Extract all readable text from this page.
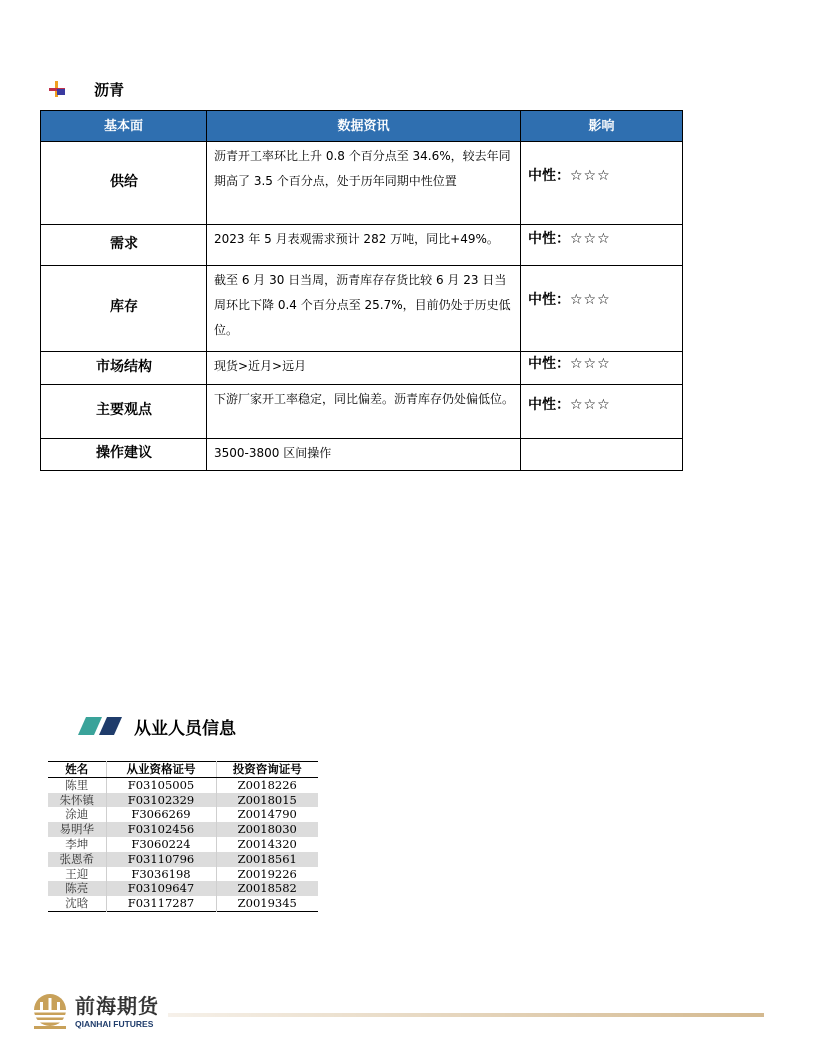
沥青
基本面	数据资讯	影响
供给	沥青开工率环比上升 0.8 个百分点至 34.6%，较去年同期高了 3.5 个百分点，处于历年同期中性位置	中性：☆☆☆
需求	2023 年 5 月表观需求预计 282 万吨，同比+49%。	中性：☆☆☆
库存	截至 6 月 30 日当周，沥青库存存货比较 6 月 23 日当周环比下降 0.4 个百分点至 25.7%，目前仍处于历史低位。	中性：☆☆☆
市场结构	现货>近月>远月	中性：☆☆☆
主要观点	下游厂家开工率稳定，同比偏差。沥青库存仍处偏低位。	中性：☆☆☆
操作建议	3500-3800 区间操作	
从业人员信息
姓名	从业资格证号	投资咨询证号
陈里	F03105005	Z0018226
朱怀镇	F03102329	Z0018015
涂迪	F3066269	Z0014790
易明华	F03102456	Z0018030
李坤	F3060224	Z0014320
张恩希	F03110796	Z0018561
王迎	F3036198	Z0019226
陈亮	F03109647	Z0018582
沈晗	F03117287	Z0019345
前海期货
QIANHAI FUTURES
